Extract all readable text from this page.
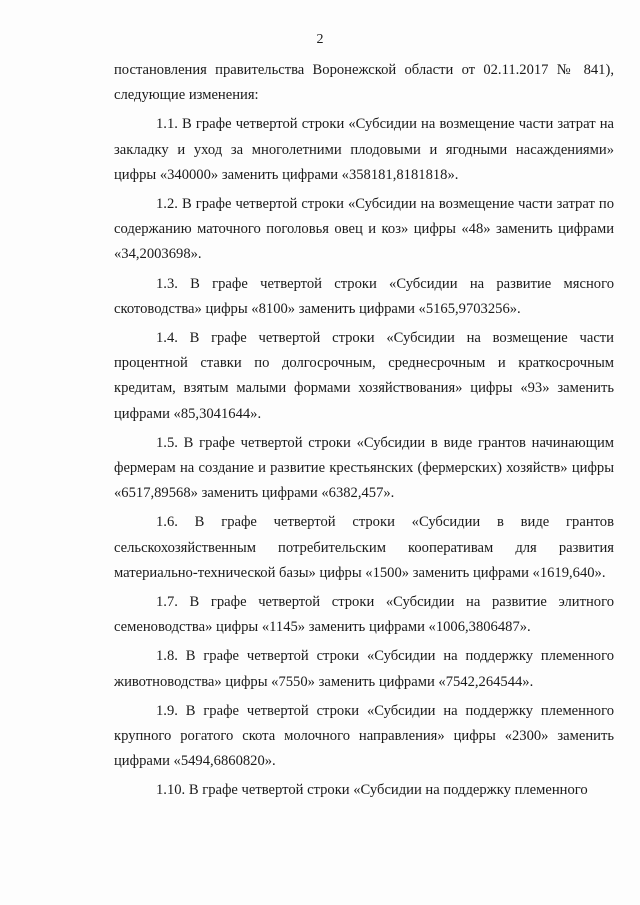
2

постановления правительства Воронежской области от 02.11.2017 № 841),

следующие изменения:

1.1. В графе четвертой строки «Субсидии на возмещение части затрат на закладку и уход за многолетними плодовыми и ягодными насаждениями» цифры «340000» заменить цифрами «358181,8181818».

1.2. В графе четвертой строки «Субсидии на возмещение части затрат по содержанию маточного поголовья овец и коз» цифры «48» заменить цифрами «34,2003698».

1.3. В графе четвертой строки «Субсидии на развитие мясного скотоводства» цифры «8100» заменить цифрами «5165,9703256».

1.4. В графе четвертой строки «Субсидии на возмещение части процентной ставки по долгосрочным, среднесрочным и краткосрочным кредитам, взятым малыми формами хозяйствования» цифры «93» заменить цифрами «85,3041644».

1.5. В графе четвертой строки «Субсидии в виде грантов начинающим фермерам на создание и развитие крестьянских (фермерских) хозяйств» цифры «6517,89568» заменить цифрами «6382,457».

1.6. В графе четвертой строки «Субсидии в виде грантов сельскохозяйственным потребительским кооперативам для развития материально-технической базы» цифры «1500» заменить цифрами «1619,640».

1.7. В графе четвертой строки «Субсидии на развитие элитного семеноводства» цифры «1145» заменить цифрами «1006,3806487».

1.8. В графе четвертой строки «Субсидии на поддержку племенного животноводства» цифры «7550» заменить цифрами «7542,264544».

1.9. В графе четвертой строки «Субсидии на поддержку племенного крупного рогатого скота молочного направления» цифры «2300» заменить цифрами «5494,6860820».

1.10. В графе четвертой строки «Субсидии на поддержку племенного
